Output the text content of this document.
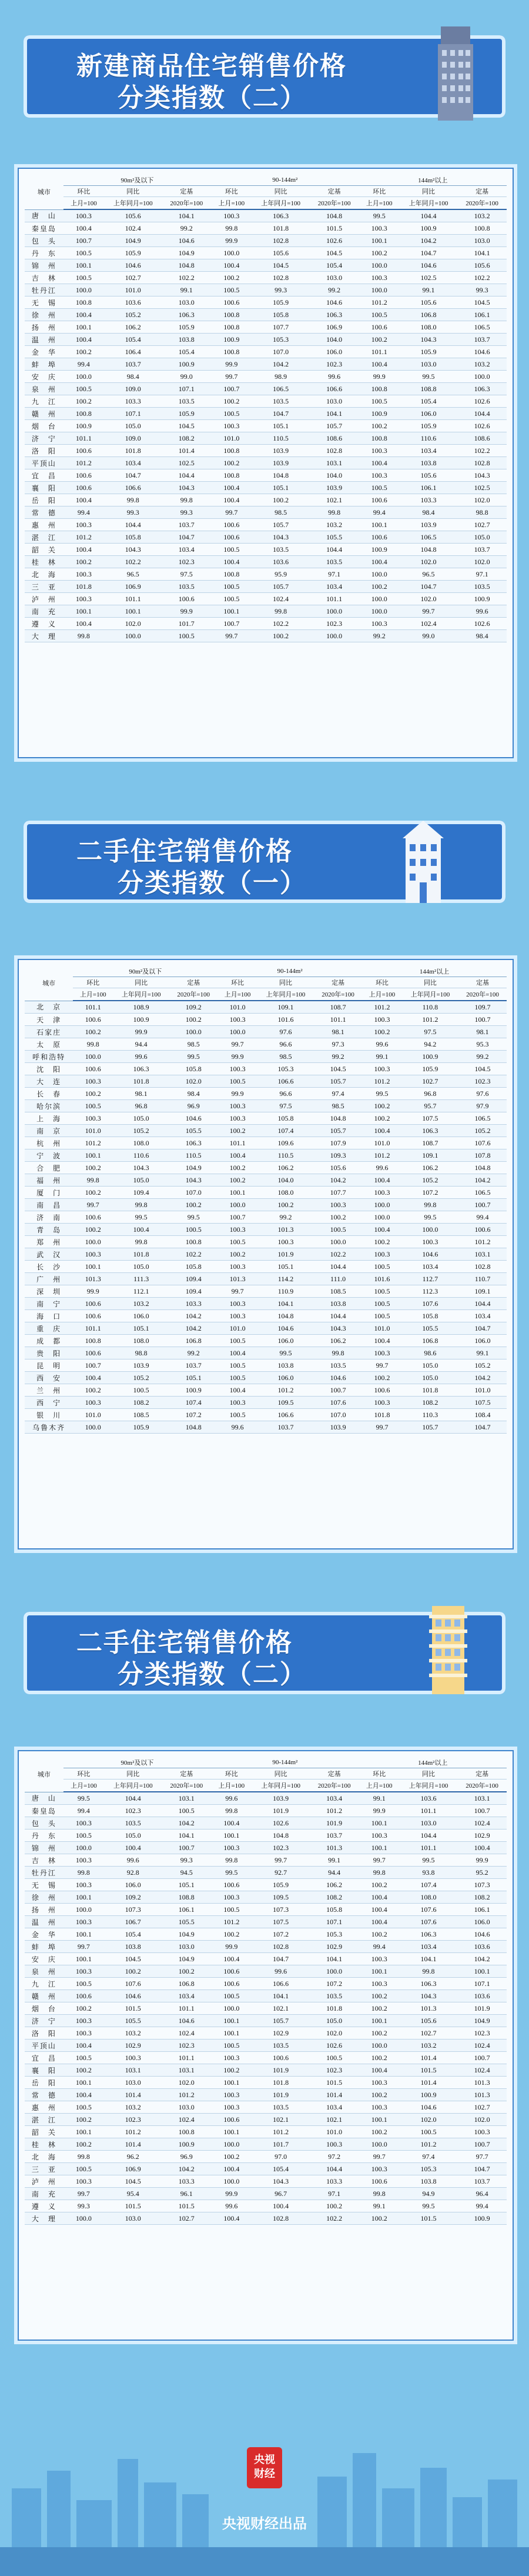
新建商品住宅销售价格
分类指数（二）
城市	90m²及以下			90-144m²			144m²以上		
	环比	同比	定基	环比	同比	定基	环比	同比	定基
	上月=100	上年同月=100	2020年=100	上月=100	上年同月=100	2020年=100	上月=100	上年同月=100	2020年=100
唐　山	100.3	105.6	104.1	100.3	106.3	104.8	99.5	104.4	103.2
秦皇岛	100.4	102.4	99.2	99.8	101.8	101.5	100.3	100.9	100.8
包　头	100.7	104.9	104.6	99.9	102.8	102.6	100.1	104.2	103.0
丹　东	100.5	105.9	104.9	100.0	105.6	104.5	100.2	104.7	104.1
锦　州	100.1	104.6	104.8	100.4	104.5	105.4	100.0	104.6	105.6
吉　林	100.5	102.7	102.2	100.2	102.8	103.0	100.3	102.5	102.2
牡丹江	100.0	101.0	99.1	100.5	99.3	99.2	100.0	99.1	99.3
无　锡	100.8	103.6	103.0	100.6	105.9	104.6	101.2	105.6	104.5
徐　州	100.4	105.2	106.3	100.8	105.8	106.3	100.5	106.8	106.1
扬　州	100.1	106.2	105.9	100.8	107.7	106.9	100.6	108.0	106.5
温　州	100.4	105.4	103.8	100.9	105.3	104.0	100.2	104.3	103.7
金　华	100.2	106.4	105.4	100.8	107.0	106.0	101.1	105.9	104.6
蚌　埠	99.4	103.7	100.9	99.9	104.2	102.3	100.4	103.0	103.2
安　庆	100.0	98.4	99.0	99.7	98.9	99.6	99.9	99.5	100.0
泉　州	100.5	109.0	107.1	100.7	106.5	106.6	100.8	108.8	106.3
九　江	100.2	103.3	103.5	100.2	103.5	103.0	100.5	105.4	102.6
赣　州	100.8	107.1	105.9	100.5	104.7	104.1	100.9	106.0	104.4
烟　台	100.9	105.0	104.5	100.3	105.1	105.7	100.2	105.9	102.6
济　宁	101.1	109.0	108.2	101.0	110.5	108.6	100.8	110.6	108.6
洛　阳	100.6	101.8	101.4	100.8	103.9	102.8	100.3	103.4	102.2
平顶山	101.2	103.4	102.5	100.2	103.9	103.1	100.4	103.8	102.8
宜　昌	100.6	104.7	104.4	100.8	104.8	104.0	100.3	105.6	104.3
襄　阳	100.6	106.6	104.3	100.4	105.1	103.9	100.5	106.1	102.5
岳　阳	100.4	99.8	99.8	100.4	100.2	102.1	100.6	103.3	102.0
常　德	99.4	99.3	99.3	99.7	98.5	99.8	99.4	98.4	98.8
惠　州	100.3	104.4	103.7	100.6	105.7	103.2	100.1	103.9	102.7
湛　江	101.2	105.8	104.7	100.6	104.3	105.5	100.6	106.5	105.0
韶　关	100.4	104.3	103.4	100.5	103.5	104.4	100.9	104.8	103.7
桂　林	100.2	102.2	102.3	100.4	103.6	103.5	100.4	102.0	102.0
北　海	100.3	96.5	97.5	100.8	95.9	97.1	100.0	96.5	97.1
三　亚	101.8	106.9	103.5	100.5	105.7	103.4	100.2	104.7	103.5
泸　州	100.3	101.1	100.6	100.5	102.4	101.1	100.0	102.0	100.9
南　充	100.1	100.1	99.9	100.1	99.8	100.0	100.0	99.7	99.6
遵　义	100.4	102.0	101.7	100.7	102.2	102.3	100.3	102.4	102.6
大　理	99.8	100.0	100.5	99.7	100.2	100.0	99.2	99.0	98.4
二手住宅销售价格
分类指数（一）
城市	90m²及以下			90-144m²			144m²以上		
	环比	同比	定基	环比	同比	定基	环比	同比	定基
	上月=100	上年同月=100	2020年=100	上月=100	上年同月=100	2020年=100	上月=100	上年同月=100	2020年=100
北　京	101.1	108.9	109.2	101.0	109.1	108.7	101.2	110.8	109.7
天　津	100.6	100.9	100.2	100.3	101.6	101.1	100.3	101.2	100.7
石家庄	100.2	99.9	100.0	100.0	97.6	98.1	100.2	97.5	98.1
太　原	99.8	94.4	98.5	99.7	96.6	97.3	99.6	94.2	95.3
呼和浩特	100.0	99.6	99.5	99.9	98.5	99.2	99.1	100.9	99.2
沈　阳	100.6	106.3	105.8	100.3	105.3	104.5	100.3	105.9	104.5
大　连	100.3	101.8	102.0	100.5	106.6	105.7	101.2	102.7	102.3
长　春	100.2	98.1	98.4	99.9	96.6	97.4	99.5	96.8	97.6
哈尔滨	100.5	96.8	96.9	100.3	97.5	98.5	100.2	95.7	97.9
上　海	100.3	105.0	104.6	100.3	105.8	104.8	100.2	107.5	106.5
南　京	101.0	105.2	105.5	100.2	107.4	105.7	100.4	106.3	105.2
杭　州	101.2	108.0	106.3	101.1	109.6	107.9	101.0	108.7	107.6
宁　波	100.1	110.6	110.5	100.4	110.5	109.3	101.2	109.1	107.8
合　肥	100.2	104.3	104.9	100.2	106.2	105.6	99.6	106.2	104.8
福　州	99.8	105.0	104.3	100.2	104.0	104.2	100.4	105.2	104.2
厦　门	100.2	109.4	107.0	100.1	108.0	107.7	100.3	107.2	106.5
南　昌	99.7	99.8	100.2	100.0	100.2	100.3	100.0	99.8	100.7
济　南	100.6	99.5	99.5	100.7	99.2	100.2	100.0	99.5	99.4
青　岛	100.2	100.4	100.5	100.3	101.3	100.5	100.4	100.0	100.6
郑　州	100.0	99.8	100.8	100.5	100.3	100.0	100.2	100.3	101.2
武　汉	100.3	101.8	102.2	100.2	101.9	102.2	100.3	104.6	103.1
长　沙	100.1	105.0	105.8	100.3	105.1	104.4	100.5	103.4	102.8
广　州	101.3	111.3	109.4	101.3	114.2	111.0	101.6	112.7	110.7
深　圳	99.9	112.1	109.4	99.7	110.9	108.5	100.5	112.3	109.1
南　宁	100.6	103.2	103.3	100.3	104.1	103.8	100.5	107.6	104.4
海　口	100.6	106.0	104.2	100.3	104.8	104.4	100.5	105.8	103.4
重　庆	101.1	105.1	104.2	101.0	104.6	104.3	101.0	105.5	104.7
成　都	100.8	108.0	106.8	100.5	106.0	106.2	100.4	106.8	106.0
贵　阳	100.6	98.8	99.2	100.4	99.5	99.8	100.3	98.6	99.1
昆　明	100.7	103.9	103.7	100.5	103.8	103.5	99.7	105.0	105.2
西　安	100.4	105.2	105.1	100.5	106.0	104.6	100.2	105.0	104.2
兰　州	100.2	100.5	100.9	100.4	101.2	100.7	100.6	101.8	101.0
西　宁	100.3	108.2	107.4	100.3	109.5	107.6	100.3	108.2	107.5
银　川	101.0	108.5	107.2	100.5	106.6	107.0	101.8	110.3	108.4
乌鲁木齐	100.0	105.9	104.8	99.6	103.7	103.9	99.7	105.7	104.7
二手住宅销售价格
分类指数（二）
城市	90m²及以下			90-144m²			144m²以上		
	环比	同比	定基	环比	同比	定基	环比	同比	定基
	上月=100	上年同月=100	2020年=100	上月=100	上年同月=100	2020年=100	上月=100	上年同月=100	2020年=100
唐　山	99.5	104.4	103.1	99.6	103.9	103.4	99.1	103.6	103.1
秦皇岛	99.4	102.3	100.5	99.8	101.9	101.2	99.9	101.1	100.7
包　头	100.3	103.5	104.2	100.4	102.6	101.9	100.1	103.0	102.4
丹　东	100.5	105.0	104.1	100.1	104.8	103.7	100.3	104.4	102.9
锦　州	100.0	100.4	100.7	100.3	102.3	101.3	100.1	101.1	100.4
吉　林	100.3	99.6	99.3	99.8	99.7	99.1	99.7	99.5	99.9
牡丹江	99.8	92.8	94.5	99.5	92.7	94.4	99.8	93.8	95.2
无　锡	100.3	106.0	105.1	100.6	105.9	106.2	100.2	107.4	107.3
徐　州	100.1	109.2	108.8	100.3	109.5	108.2	100.4	108.0	108.2
扬　州	100.0	107.3	106.1	100.5	107.3	105.8	100.4	107.6	106.1
温　州	100.3	106.7	105.5	101.2	107.5	107.1	100.4	107.6	106.0
金　华	100.1	105.4	104.9	100.2	107.2	105.3	100.2	106.3	104.6
蚌　埠	99.7	103.8	103.0	99.9	102.8	102.9	99.4	103.4	103.6
安　庆	100.1	104.5	104.9	100.4	104.7	104.1	100.3	104.1	104.2
泉　州	100.3	100.2	100.2	100.6	99.6	100.0	100.1	99.8	100.1
九　江	100.5	107.6	106.8	100.6	106.6	107.2	100.3	106.3	107.1
赣　州	100.6	104.6	103.4	100.5	104.1	103.5	100.2	104.3	103.6
烟　台	100.2	101.5	101.1	100.0	102.1	101.8	100.2	101.3	101.9
济　宁	100.3	105.5	104.6	100.1	105.7	105.0	100.1	105.6	104.9
洛　阳	100.3	103.2	102.4	100.1	102.9	102.0	100.2	102.7	102.3
平顶山	100.4	102.9	102.3	100.5	103.5	102.6	100.0	103.2	102.4
宜　昌	100.5	100.3	101.1	100.3	100.6	100.5	100.2	101.4	100.7
襄　阳	100.2	103.1	103.1	100.2	101.9	102.3	100.4	101.5	102.4
岳　阳	100.1	103.0	102.0	100.1	101.8	101.5	100.3	101.4	101.3
常　德	100.4	101.4	101.2	100.3	101.9	101.4	100.2	100.9	101.3
惠　州	100.5	103.2	103.0	100.3	103.5	103.4	100.3	104.6	102.7
湛　江	100.2	102.3	102.4	100.6	102.1	102.1	100.1	102.0	102.0
韶　关	100.1	101.2	100.8	100.1	101.2	101.0	100.2	100.5	100.3
桂　林	100.2	101.4	100.9	100.0	101.7	100.3	100.0	101.2	100.7
北　海	99.8	96.2	96.9	100.2	97.0	97.2	99.7	97.4	97.7
三　亚	100.5	106.9	104.2	100.4	105.4	104.4	100.3	105.3	104.7
泸　州	100.3	104.5	103.3	100.0	104.3	103.3	100.6	103.8	103.7
南　充	99.7	95.4	96.1	99.9	96.7	97.1	99.8	94.9	96.4
遵　义	99.3	101.5	101.5	99.6	100.4	100.2	99.1	99.5	99.4
大　理	100.0	103.0	102.7	100.4	102.8	102.2	100.2	101.5	100.9
央视
财经
央视财经出品
